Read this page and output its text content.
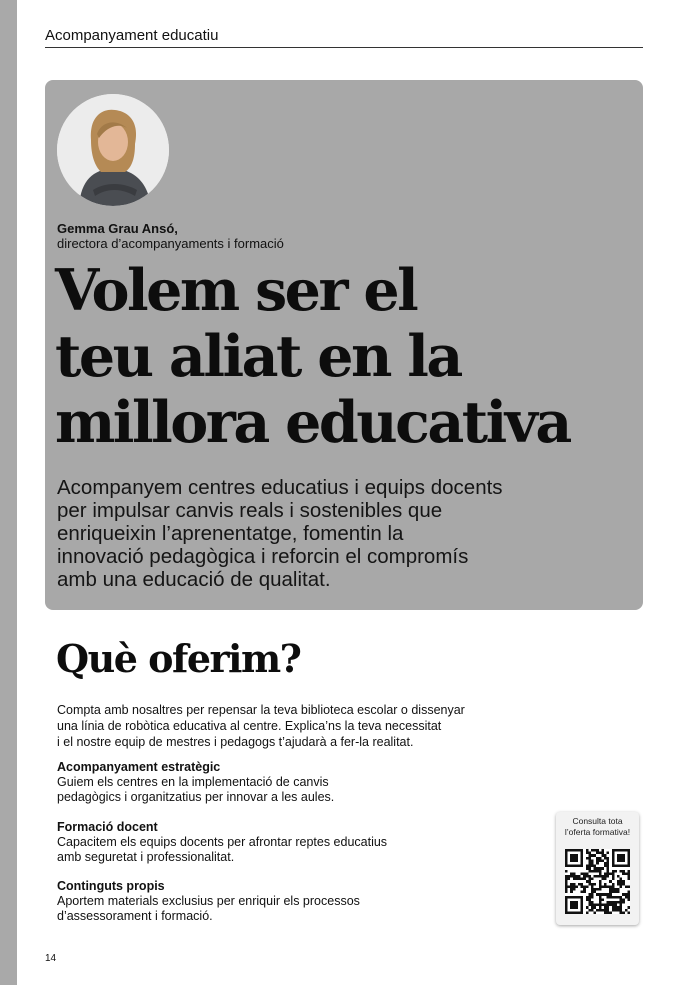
Acompanyament educatiu
Gemma Grau Ansó,
directora d’acompanyaments i formació
Volem ser el
teu aliat en la
millora educativa
Acompanyem centres educatius i equips docents
per impulsar canvis reals i sostenibles que
enriqueixin l’aprenentatge, fomentin la
innovació pedagògica i reforcin el compromís
amb una educació de qualitat.
Què oferim?
Compta amb nosaltres per repensar la teva biblioteca escolar o dissenyar
una línia de robòtica educativa al centre. Explica’ns la teva necessitat
i el nostre equip de mestres i pedagogs t’ajudarà a fer-la realitat.
Acompanyament estratègic
Guiem els centres en la implementació de canvis
pedagògics i organitzatius per innovar a les aules.
Formació docent
Capacitem els equips docents per afrontar reptes educatius
amb seguretat i professionalitat.
Continguts propis
Aportem materials exclusius per enriquir els processos
d’assessorament i formació.
Consulta tota
l’oferta formativa!
14
